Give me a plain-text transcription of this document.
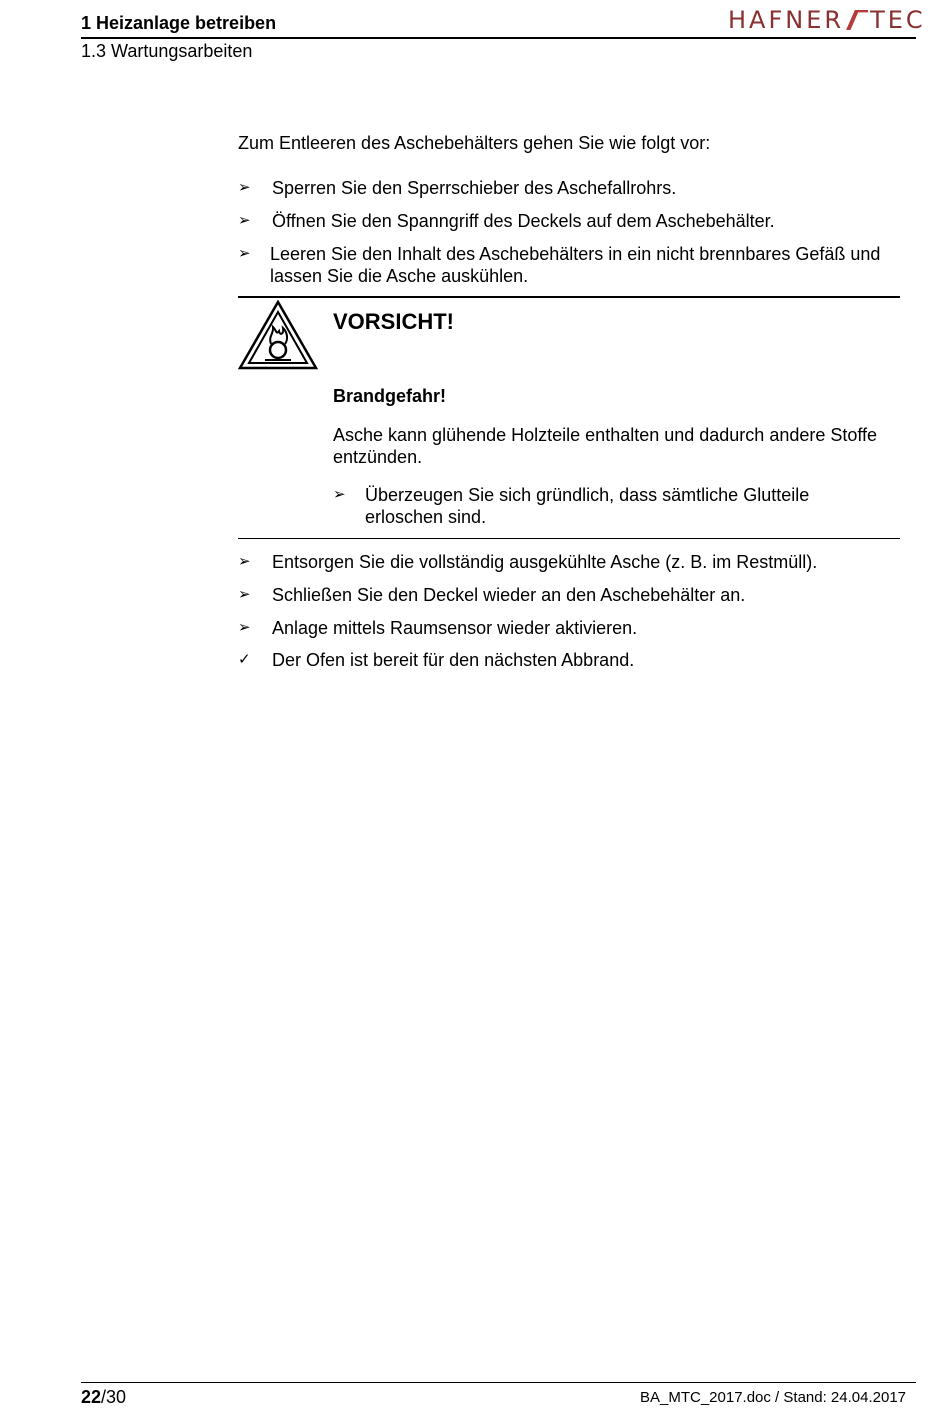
1 Heizanlage betreiben
1.3 Wartungsarbeiten
HAFNER TEC
Zum Entleeren des Aschebehälters gehen Sie wie folgt vor:
➢	Sperren Sie den Sperrschieber des Aschefallrohrs.
➢	Öffnen Sie den Spanngriff des Deckels auf dem Aschebehälter.
➢	Leeren Sie den Inhalt des Aschebehälters in ein nicht brennbares Gefäß und lassen Sie die Asche auskühlen.
VORSICHT!
Brandgefahr!
Asche kann glühende Holzteile enthalten und dadurch andere Stoffe entzünden.
➢	Überzeugen Sie sich gründlich, dass sämtliche Glutteile erloschen sind.
➢	Entsorgen Sie die vollständig ausgekühlte Asche (z. B. im Restmüll).
➢	Schließen Sie den Deckel wieder an den Aschebehälter an.
➢	Anlage mittels Raumsensor wieder aktivieren.
✓	Der Ofen ist bereit für den nächsten Abbrand.
22/30	BA_MTC_2017.doc / Stand: 24.04.2017
